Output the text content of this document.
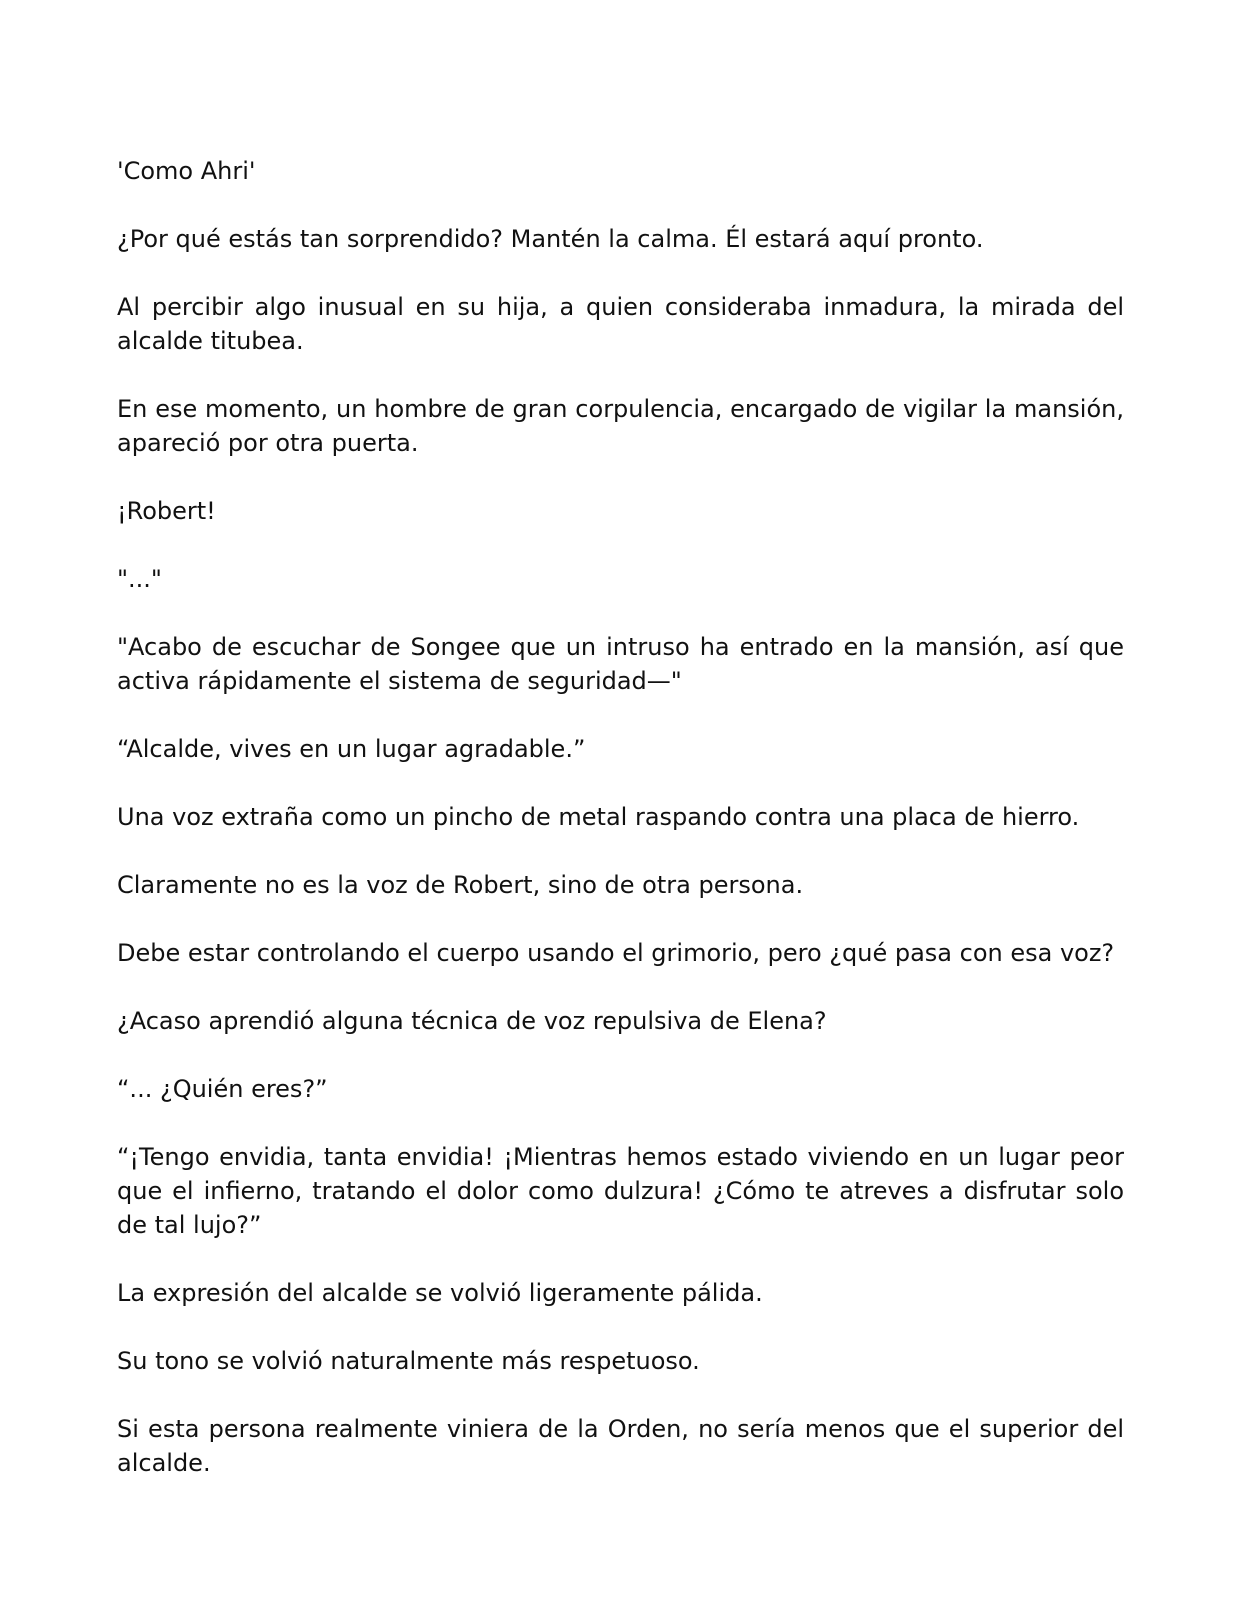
'Como Ahri'

¿Por qué estás tan sorprendido? Mantén la calma. Él estará aquí pronto.

Al percibir algo inusual en su hija, a quien consideraba inmadura, la mirada del alcalde titubea.

En ese momento, un hombre de gran corpulencia, encargado de vigilar la mansión, apareció por otra puerta.

¡Robert!

"..."

"Acabo de escuchar de Songee que un intruso ha entrado en la mansión, así que activa rápidamente el sistema de seguridad—"

“Alcalde, vives en un lugar agradable.”

Una voz extraña como un pincho de metal raspando contra una placa de hierro.

Claramente no es la voz de Robert, sino de otra persona.

Debe estar controlando el cuerpo usando el grimorio, pero ¿qué pasa con esa voz?

¿Acaso aprendió alguna técnica de voz repulsiva de Elena?

“... ¿Quién eres?”

“¡Tengo envidia, tanta envidia! ¡Mientras hemos estado viviendo en un lugar peor que el infierno, tratando el dolor como dulzura! ¿Cómo te atreves a disfrutar solo de tal lujo?”

La expresión del alcalde se volvió ligeramente pálida.

Su tono se volvió naturalmente más respetuoso.

Si esta persona realmente viniera de la Orden, no sería menos que el superior del alcalde.
